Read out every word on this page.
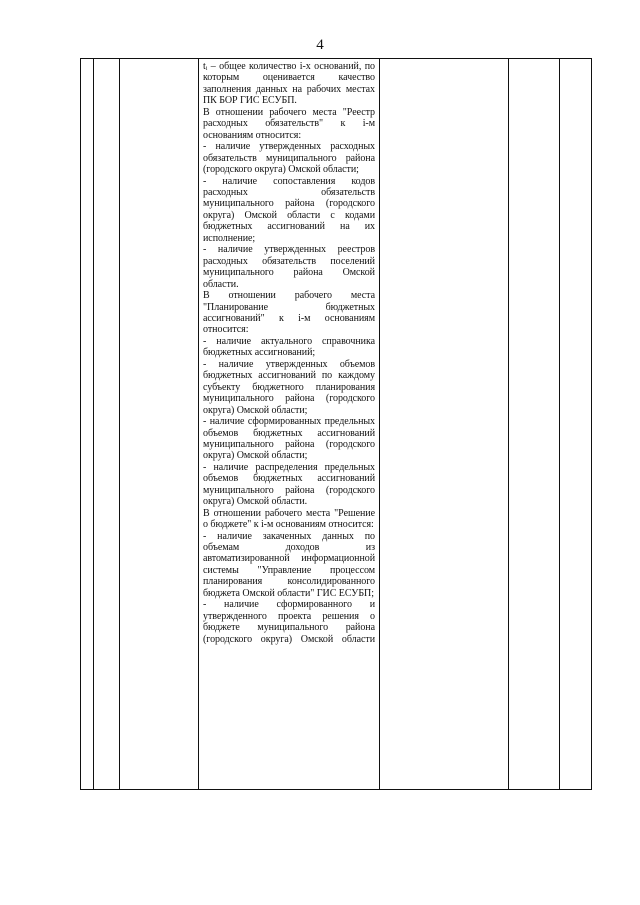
4

tᵢ – общее количество i-х оснований, по которым оценивается качество заполнения данных на рабочих местах ПК БОР ГИС ЕСУБП.

В отношении рабочего места "Реестр расходных обязательств" к i-м основаниям относится:

- наличие утвержденных расходных обязательств муниципального района (городского округа) Омской области;

- наличие сопоставления кодов расходных обязательств муниципального района (городского округа) Омской области с кодами бюджетных ассигнований на их исполнение;

- наличие утвержденных реестров расходных обязательств поселений муниципального района Омской области.

В отношении рабочего места "Планирование бюджетных ассигнований" к i-м основаниям относится:

- наличие актуального справочника бюджетных ассигнований;

- наличие утвержденных объемов бюджетных ассигнований по каждому субъекту бюджетного планирования муниципального района (городского округа) Омской области;

- наличие сформированных предельных объемов бюджетных ассигнований муниципального района (городского округа) Омской области;

- наличие распределения предельных объемов бюджетных ассигнований муниципального района (городского округа) Омской области.

В отношении рабочего места "Решение о бюджете" к i-м основаниям относится:

- наличие закаченных данных по объемам доходов из автоматизированной информационной системы "Управление процессом планирования консолидированного бюджета Омской области" ГИС ЕСУБП;

- наличие сформированного и утвержденного проекта решения о бюджете муниципального района (городского округа) Омской области
